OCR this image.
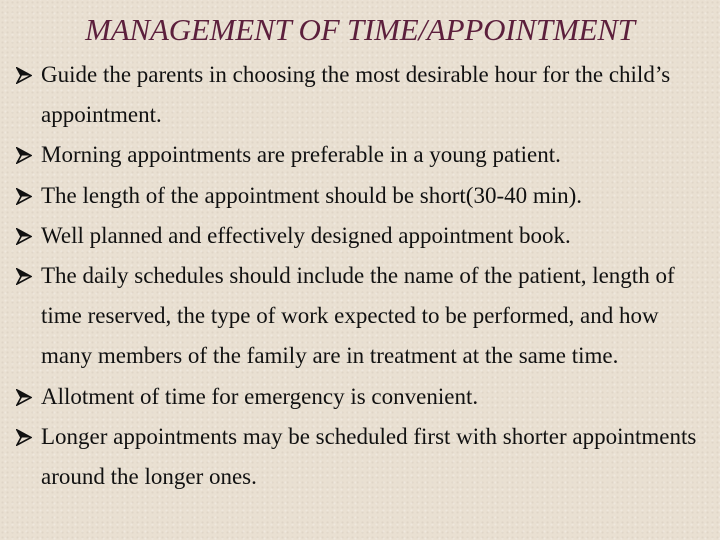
MANAGEMENT OF TIME/APPOINTMENT
Guide the parents in choosing the most desirable hour for the child’s appointment.
Morning appointments are preferable in a young patient.
The length of the appointment should be short(30-40 min).
Well planned and effectively designed appointment book.
The daily schedules should include the name of the patient, length of time reserved, the type of work expected to be performed, and how many members of the family are in treatment at the same time.
Allotment of time for emergency is convenient.
Longer appointments may be scheduled first with shorter appointments around the longer ones.
